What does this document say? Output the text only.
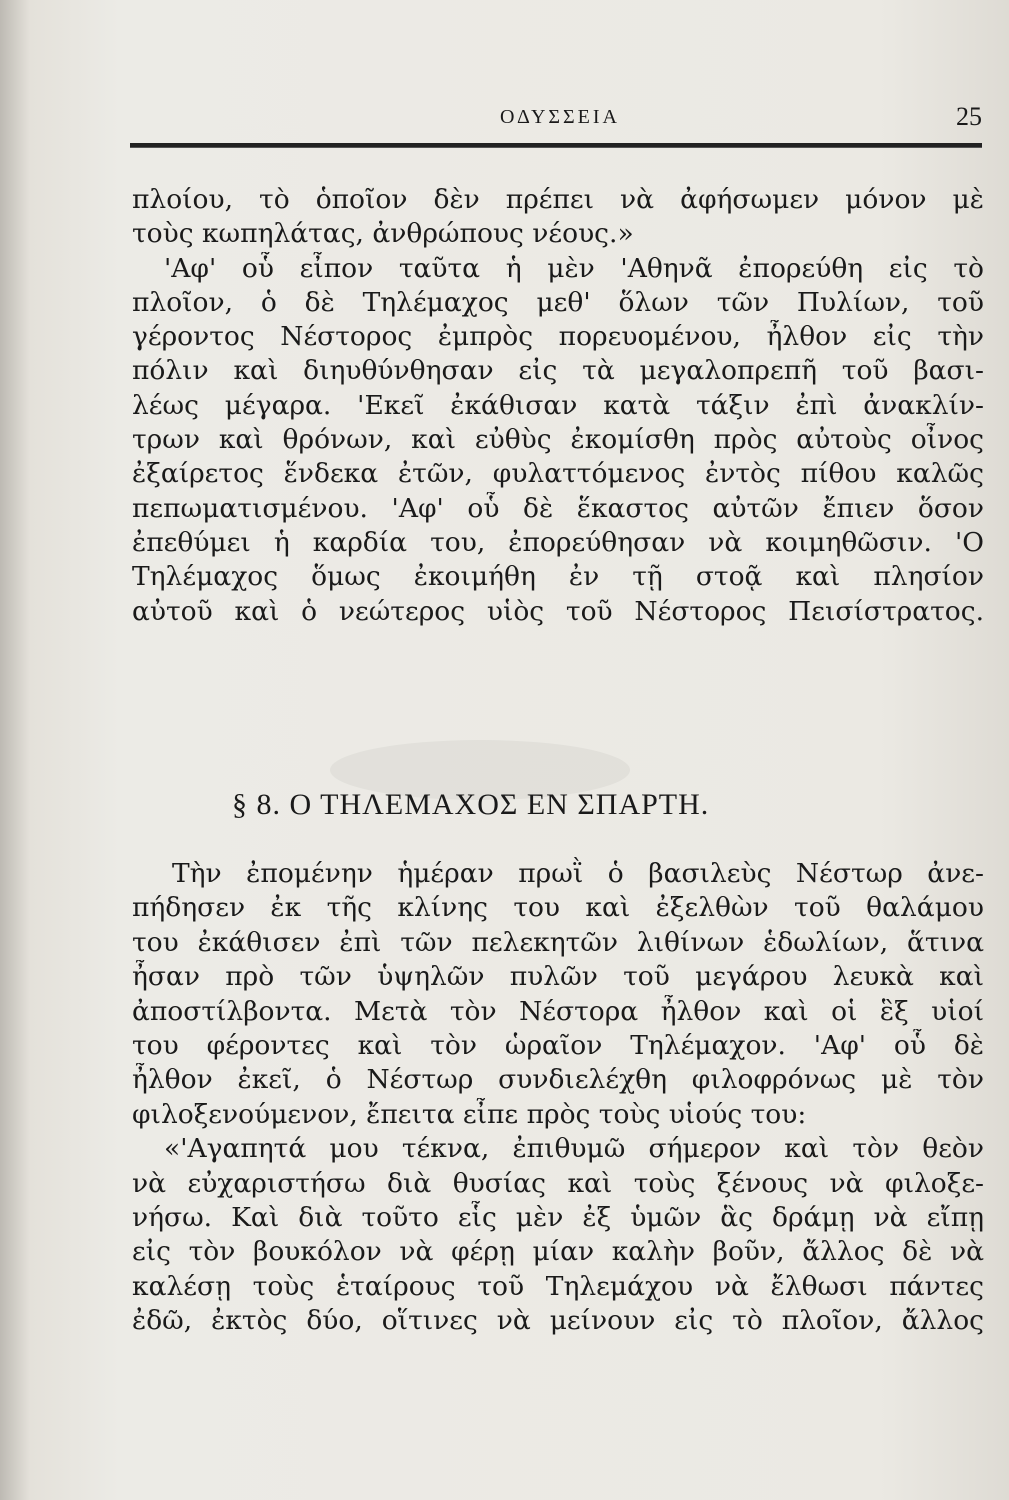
ΟΔΥΣΣΕΙΑ	25
πλοίου, τὸ ὁποῖον δὲν πρέπει νὰ ἀφήσωμεν μόνον μὲ
τοὺς κωπηλάτας, ἀνθρώπους νέους.»
'Αφ' οὗ εἶπον ταῦτα ἡ μὲν 'Αθηνᾶ ἐπορεύθη εἰς τὸ
πλοῖον, ὁ δὲ Τηλέμαχος μεθ' ὅλων τῶν Πυλίων, τοῦ
γέροντος Νέστορος ἐμπρὸς πορευομένου, ἦλθον εἰς τὴν
πόλιν καὶ διηυθύνθησαν εἰς τὰ μεγαλοπρεπῆ τοῦ βασι-
λέως μέγαρα. 'Εκεῖ ἐκάθισαν κατὰ τάξιν ἐπὶ ἀνακλίν-
τρων καὶ θρόνων, καὶ εὐθὺς ἐκομίσθη πρὸς αὐτοὺς οἶνος
ἐξαίρετος ἕνδεκα ἐτῶν, φυλαττόμενος ἐντὸς πίθου καλῶς
πεπωματισμένου. 'Αφ' οὗ δὲ ἕκαστος αὐτῶν ἔπιεν ὅσον
ἐπεθύμει ἡ καρδία του, ἐπορεύθησαν νὰ κοιμηθῶσιν. 'Ο
Τηλέμαχος ὅμως ἐκοιμήθη ἐν τῇ στοᾷ καὶ πλησίον
αὐτοῦ καὶ ὁ νεώτερος υἱὸς τοῦ Νέστορος Πεισίστρατος.
§ 8. Ο ΤΗΛΕΜΑΧΟΣ ΕΝ ΣΠΑΡΤΗ.
Τὴν ἐπομένην ἡμέραν πρωῒ ὁ βασιλεὺς Νέστωρ ἀνε-
πήδησεν ἐκ τῆς κλίνης του καὶ ἐξελθὼν τοῦ θαλάμου
του ἐκάθισεν ἐπὶ τῶν πελεκητῶν λιθίνων ἑδωλίων, ἅτινα
ἦσαν πρὸ τῶν ὑψηλῶν πυλῶν τοῦ μεγάρου λευκὰ καὶ
ἀποστίλβοντα. Μετὰ τὸν Νέστορα ἦλθον καὶ οἱ ἓξ υἱοί
του φέροντες καὶ τὸν ὡραῖον Τηλέμαχον. 'Αφ' οὗ δὲ
ἦλθον ἐκεῖ, ὁ Νέστωρ συνδιελέχθη φιλοφρόνως μὲ τὸν
φιλοξενούμενον, ἔπειτα εἶπε πρὸς τοὺς υἱούς του:
«'Αγαπητά μου τέκνα, ἐπιθυμῶ σήμερον καὶ τὸν θεὸν
νὰ εὐχαριστήσω διὰ θυσίας καὶ τοὺς ξένους νὰ φιλοξε-
νήσω. Καὶ διὰ τοῦτο εἷς μὲν ἐξ ὑμῶν ἃς δράμῃ νὰ εἴπῃ
εἰς τὸν βουκόλον νὰ φέρῃ μίαν καλὴν βοῦν, ἄλλος δὲ νὰ
καλέσῃ τοὺς ἑταίρους τοῦ Τηλεμάχου νὰ ἔλθωσι πάντες
ἐδῶ, ἐκτὸς δύο, οἵτινες νὰ μείνουν εἰς τὸ πλοῖον, ἄλλος
